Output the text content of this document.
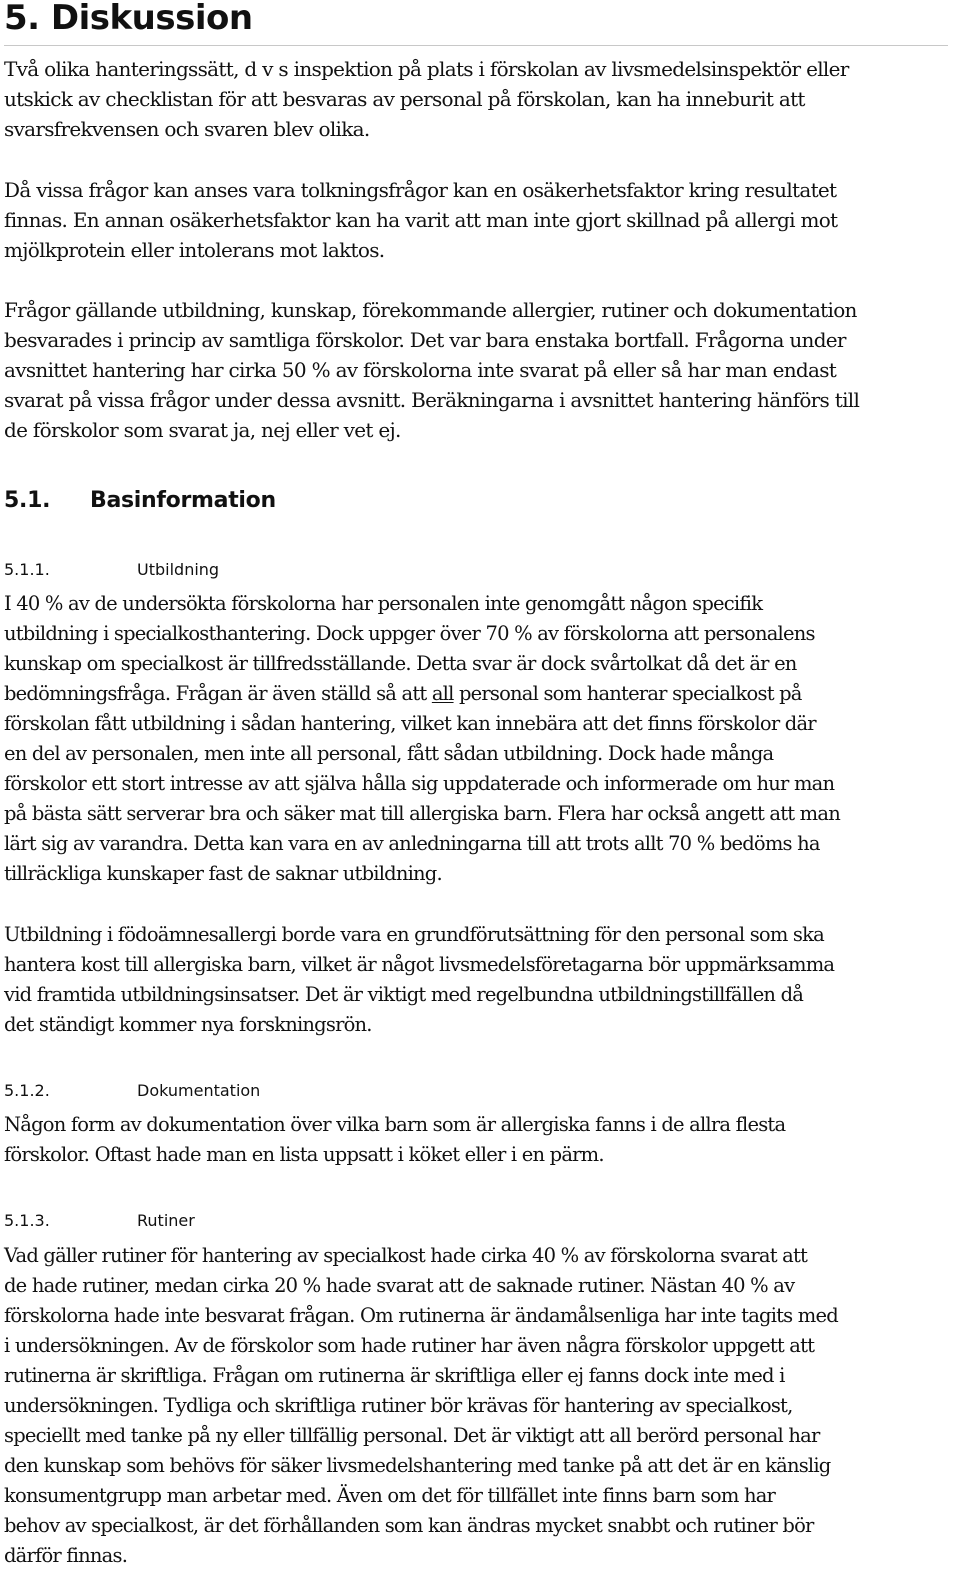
5. Diskussion

Två olika hanteringssätt, d v s inspektion på plats i förskolan av livsmedelsinspektör eller
utskick av checklistan för att besvaras av personal på förskolan, kan ha inneburit att
svarsfrekvensen och svaren blev olika.

Då vissa frågor kan anses vara tolkningsfrågor kan en osäkerhetsfaktor kring resultatet
finnas. En annan osäkerhetsfaktor kan ha varit att man inte gjort skillnad på allergi mot
mjölkprotein eller intolerans mot laktos.

Frågor gällande utbildning, kunskap, förekommande allergier, rutiner och dokumentation
besvarades i princip av samtliga förskolor. Det var bara enstaka bortfall. Frågorna under
avsnittet hantering har cirka 50 % av förskolorna inte svarat på eller så har man endast
svarat på vissa frågor under dessa avsnitt. Beräkningarna i avsnittet hantering hänförs till
de förskolor som svarat ja, nej eller vet ej.

5.1. Basinformation
5.1.1.	Utbildning

I 40 % av de undersökta förskolorna har personalen inte genomgått någon specifik
utbildning i specialkosthantering. Dock uppger över 70 % av förskolorna att personalens
kunskap om specialkost är tillfredsställande. Detta svar är dock svårtolkat då det är en
bedömningsfråga. Frågan är även ställd så att all personal som hanterar specialkost på
förskolan fått utbildning i sådan hantering, vilket kan innebära att det finns förskolor där
en del av personalen, men inte all personal, fått sådan utbildning. Dock hade många
förskolor ett stort intresse av att själva hålla sig uppdaterade och informerade om hur man
på bästa sätt serverar bra och säker mat till allergiska barn. Flera har också angett att man
lärt sig av varandra. Detta kan vara en av anledningarna till att trots allt 70 % bedöms ha
tillräckliga kunskaper fast de saknar utbildning.

Utbildning i födoämnesallergi borde vara en grundförutsättning för den personal som ska
hantera kost till allergiska barn, vilket är något livsmedelsföretagarna bör uppmärksamma
vid framtida utbildningsinsatser. Det är viktigt med regelbundna utbildningstillfällen då
det ständigt kommer nya forskningsrön.

5.1.2.	Dokumentation

Någon form av dokumentation över vilka barn som är allergiska fanns i de allra flesta
förskolor. Oftast hade man en lista uppsatt i köket eller i en pärm.

5.1.3.	Rutiner

Vad gäller rutiner för hantering av specialkost hade cirka 40 % av förskolorna svarat att
de hade rutiner, medan cirka 20 % hade svarat att de saknade rutiner. Nästan 40 % av
förskolorna hade inte besvarat frågan. Om rutinerna är ändamålsenliga har inte tagits med
i undersökningen. Av de förskolor som hade rutiner har även några förskolor uppgett att
rutinerna är skriftliga. Frågan om rutinerna är skriftliga eller ej fanns dock inte med i
undersökningen. Tydliga och skriftliga rutiner bör krävas för hantering av specialkost,
speciellt med tanke på ny eller tillfällig personal. Det är viktigt att all berörd personal har
den kunskap som behövs för säker livsmedelshantering med tanke på att det är en känslig
konsumentgrupp man arbetar med. Även om det för tillfället inte finns barn som har
behov av specialkost, är det förhållanden som kan ändras mycket snabbt och rutiner bör
därför finnas.
